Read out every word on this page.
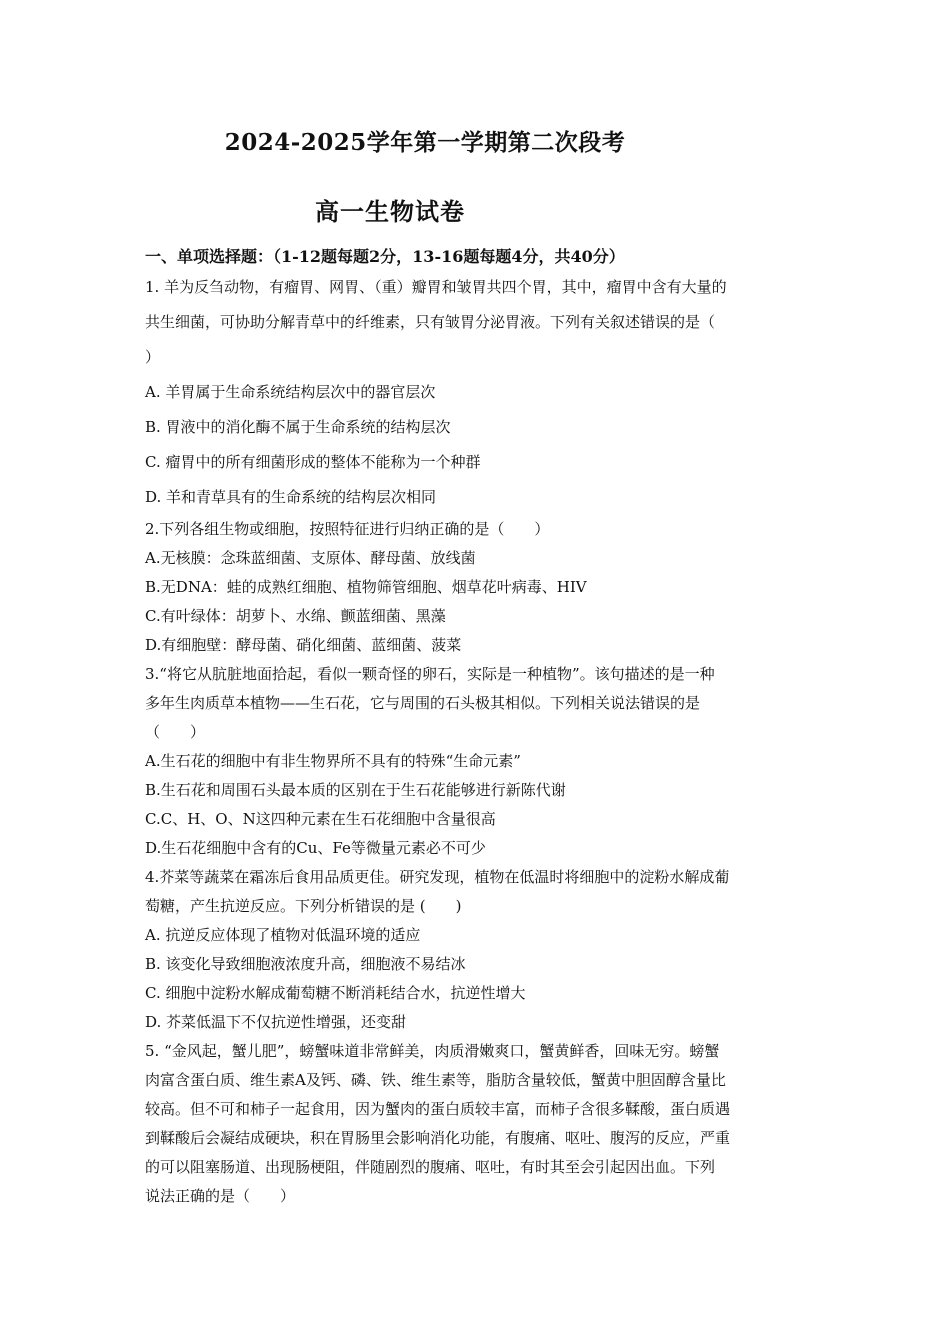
2024-2025学年第一学期第二次段考
高一生物试卷
一、单项选择题：（1-12题每题2分，13-16题每题4分，共40分）

1. 羊为反刍动物，有瘤胃、网胃、（重）瓣胃和皱胃共四个胃，其中，瘤胃中含有大量的

共生细菌，可协助分解青草中的纤维素，只有皱胃分泌胃液。下列有关叙述错误的是（

）

A. 羊胃属于生命系统结构层次中的器官层次

B. 胃液中的消化酶不属于生命系统的结构层次

C. 瘤胃中的所有细菌形成的整体不能称为一个种群

D. 羊和青草具有的生命系统的结构层次相同

2.下列各组生物或细胞，按照特征进行归纳正确的是（　　）

A.无核膜：念珠蓝细菌、支原体、酵母菌、放线菌

B.无DNA：蛙的成熟红细胞、植物筛管细胞、烟草花叶病毒、HIV

C.有叶绿体：胡萝卜、水绵、颤蓝细菌、黑藻

D.有细胞壁：酵母菌、硝化细菌、蓝细菌、菠菜

3.“将它从肮脏地面拾起，看似一颗奇怪的卵石，实际是一种植物”。该句描述的是一种

多年生肉质草本植物——生石花，它与周围的石头极其相似。下列相关说法错误的是

（　　）

A.生石花的细胞中有非生物界所不具有的特殊“生命元素”

B.生石花和周围石头最本质的区别在于生石花能够进行新陈代谢

C.C、H、O、N这四种元素在生石花细胞中含量很高

D.生石花细胞中含有的Cu、Fe等微量元素必不可少

4.芥菜等蔬菜在霜冻后食用品质更佳。研究发现，植物在低温时将细胞中的淀粉水解成葡

萄糖，产生抗逆反应。下列分析错误的是 (　　)

A. 抗逆反应体现了植物对低温环境的适应

B. 该变化导致细胞液浓度升高，细胞液不易结冰

C. 细胞中淀粉水解成葡萄糖不断消耗结合水，抗逆性增大

D. 芥菜低温下不仅抗逆性增强，还变甜

5. “金风起，蟹儿肥”，螃蟹味道非常鲜美，肉质滑嫩爽口，蟹黄鲜香，回味无穷。螃蟹

肉富含蛋白质、维生素A及钙、磷、铁、维生素等，脂肪含量较低，蟹黄中胆固醇含量比

较高。但不可和柿子一起食用，因为蟹肉的蛋白质较丰富，而柿子含很多鞣酸，蛋白质遇

到鞣酸后会凝结成硬块，积在胃肠里会影响消化功能，有腹痛、呕吐、腹泻的反应，严重

的可以阻塞肠道、出现肠梗阻，伴随剧烈的腹痛、呕吐，有时其至会引起因出血。下列

说法正确的是（　　）
